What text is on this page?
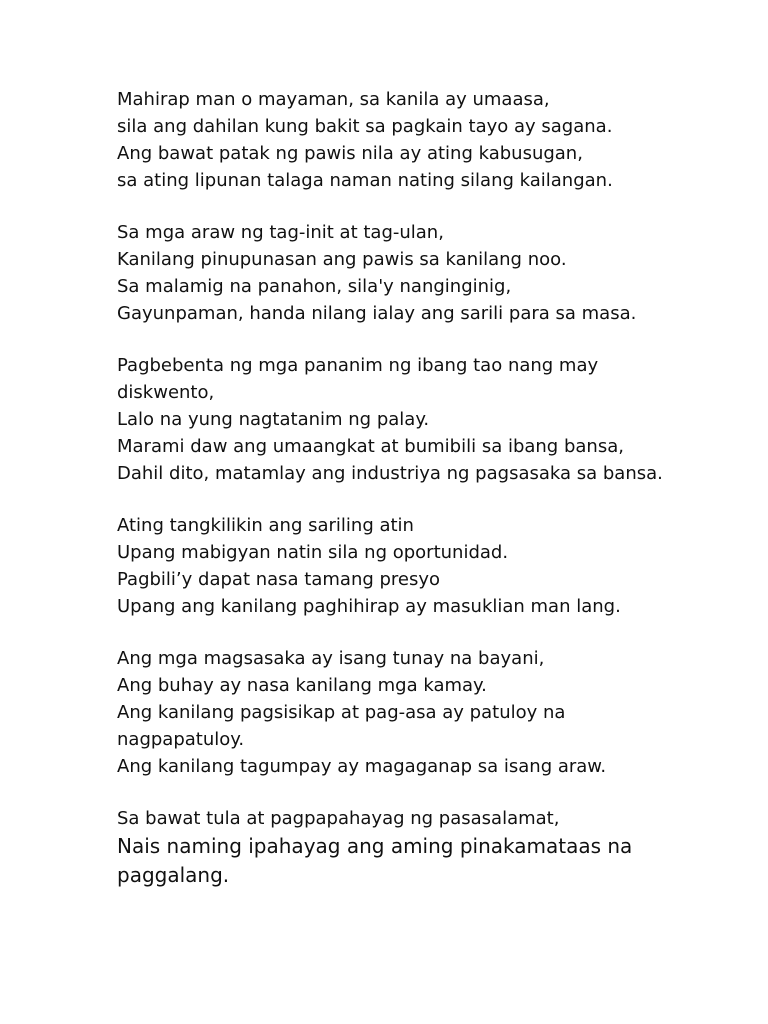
Mahirap man o mayaman, sa kanila ay umaasa,
sila ang dahilan kung bakit sa pagkain tayo ay sagana.
Ang bawat patak ng pawis nila ay ating kabusugan,
sa ating lipunan talaga naman nating silang kailangan.
Sa mga araw ng tag-init at tag-ulan,
Kanilang pinupunasan ang pawis sa kanilang noo.
Sa malamig na panahon, sila'y nanginginig,
Gayunpaman, handa nilang ialay ang sarili para sa masa.
Pagbebenta ng mga pananim ng ibang tao nang may diskwento,
Lalo na yung nagtatanim ng palay.
Marami daw ang umaangkat at bumibili sa ibang bansa,
Dahil dito, matamlay ang industriya ng pagsasaka sa bansa.
Ating tangkilikin ang sariling atin
Upang mabigyan natin sila ng oportunidad.
Pagbili’y dapat nasa tamang presyo
Upang ang kanilang paghihirap ay masuklian man lang.
Ang mga magsasaka ay isang tunay na bayani,
Ang buhay ay nasa kanilang mga kamay.
Ang kanilang pagsisikap at pag-asa ay patuloy na nagpapatuloy.
Ang kanilang tagumpay ay magaganap sa isang araw.
Sa bawat tula at pagpapahayag ng pasasalamat,
Nais naming ipahayag ang aming pinakamataas na paggalang.
